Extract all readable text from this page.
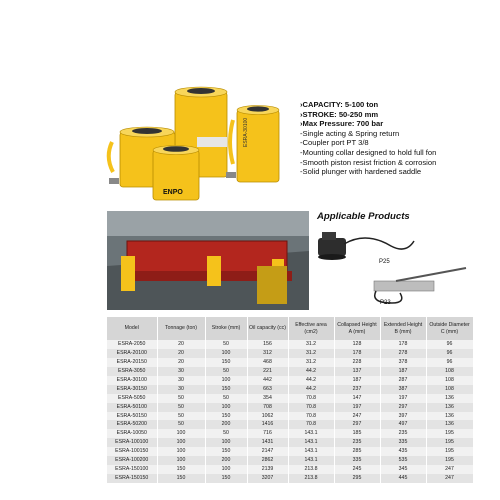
ENPO
ESRA-30100
›CAPACITY: 5-100 ton
›STROKE: 50-250 mm
›Max Pressure: 700 bar
-Single acting & Spring return
-Coupler port PT 3/8
-Mounting collar designed to hold full fon
-Smooth piston resist friction & corrosion
-Solid plunger with hardened saddle
Applicable Products
P25
P23
Model	Tonnage (ton)	Stroke (mm)	Oil capacity (cc)	Effective area (cm2)	Collapsed Height A (mm)	Extended Height B (mm)	Outside Diameter C (mm)
ESRA-2050	20	50	156	31.2	128	178	96
ESRA-20100	20	100	312	31.2	178	278	96
ESRA-20150	20	150	468	31.2	228	378	96
ESRA-3050	30	50	221	44.2	137	187	108
ESRA-30100	30	100	442	44.2	187	287	108
ESRA-30150	30	150	663	44.2	237	387	108
ESRA-5050	50	50	354	70.8	147	197	136
ESRA-50100	50	100	708	70.8	197	297	136
ESRA-50150	50	150	1062	70.8	247	397	136
ESRA-50200	50	200	1416	70.8	297	497	136
ESRA-10050	100	50	716	143.1	185	235	195
ESRA-100100	100	100	1431	143.1	235	335	195
ESRA-100150	100	150	2147	143.1	285	435	195
ESRA-100200	100	200	2862	143.1	335	535	195
ESRA-150100	150	100	2139	213.8	245	345	247
ESRA-150150	150	150	3207	213.8	295	445	247
